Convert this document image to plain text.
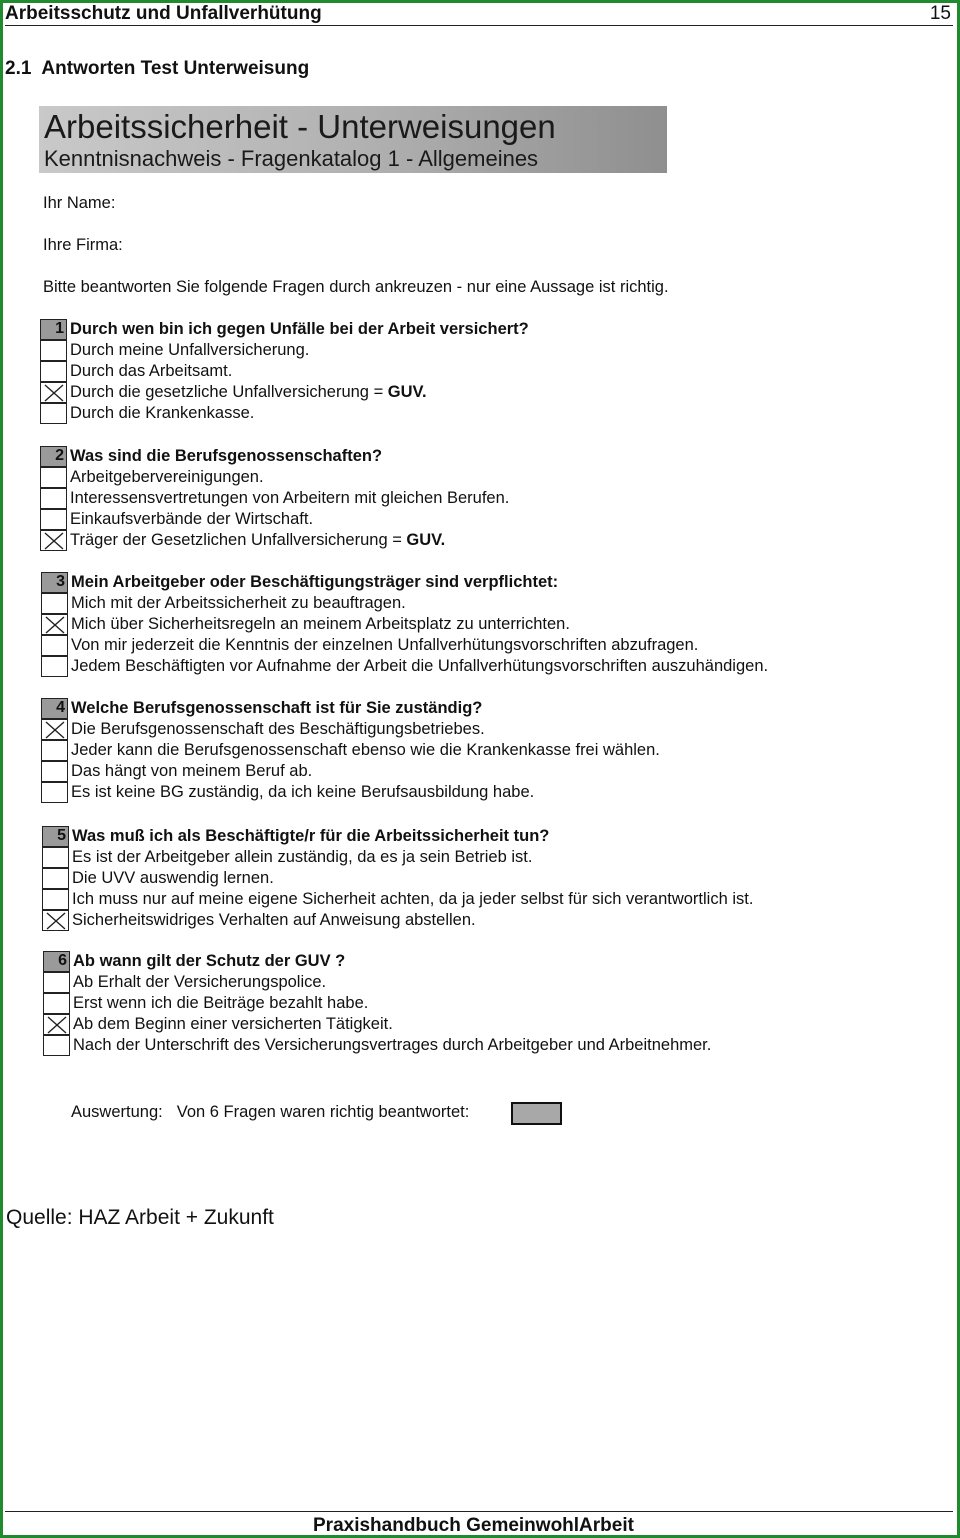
Arbeitsschutz und Unfallverhütung	15
2.1 Antworten Test Unterweisung
Arbeitssicherheit - Unterweisungen
Kenntnisnachweis - Fragenkatalog 1 - Allgemeines
Ihr Name:
Ihre Firma:
Bitte beantworten Sie folgende Fragen durch ankreuzen - nur eine Aussage ist richtig.
1 Durch wen bin ich gegen Unfälle bei der Arbeit versichert?
Durch meine Unfallversicherung.
Durch das Arbeitsamt.
Durch die gesetzliche Unfallversicherung = GUV.
Durch die Krankenkasse.
2 Was sind die Berufsgenossenschaften?
Arbeitgebervereinigungen.
Interessensvertretungen von Arbeitern mit gleichen Berufen.
Einkaufsverbände der Wirtschaft.
Träger der Gesetzlichen Unfallversicherung = GUV.
3 Mein Arbeitgeber oder Beschäftigungsträger sind verpflichtet:
Mich mit der Arbeitssicherheit zu beauftragen.
Mich über Sicherheitsregeln an meinem Arbeitsplatz zu unterrichten.
Von mir jederzeit die Kenntnis der einzelnen Unfallverhütungsvorschriften abzufragen.
Jedem Beschäftigten vor Aufnahme der Arbeit die Unfallverhütungsvorschriften auszuhändigen.
4 Welche Berufsgenossenschaft ist für Sie zuständig?
Die Berufsgenossenschaft des Beschäftigungsbetriebes.
Jeder kann die Berufsgenossenschaft ebenso wie die Krankenkasse frei wählen.
Das hängt von meinem Beruf ab.
Es ist keine BG zuständig, da ich keine Berufsausbildung habe.
5 Was muß ich als Beschäftigte/r für die Arbeitssicherheit tun?
Es ist der Arbeitgeber allein zuständig, da es ja sein Betrieb ist.
Die UVV auswendig lernen.
Ich muss nur auf meine eigene Sicherheit achten, da ja jeder selbst für sich verantwortlich ist.
Sicherheitswidriges Verhalten auf Anweisung abstellen.
6 Ab wann gilt der Schutz der GUV ?
Ab Erhalt der Versicherungspolice.
Erst wenn ich die Beiträge bezahlt habe.
Ab dem Beginn einer versicherten Tätigkeit.
Nach der Unterschrift des Versicherungsvertrages durch Arbeitgeber und Arbeitnehmer.
Auswertung: Von 6 Fragen waren richtig beantwortet:
Quelle: HAZ Arbeit + Zukunft
Praxishandbuch GemeinwohlArbeit
